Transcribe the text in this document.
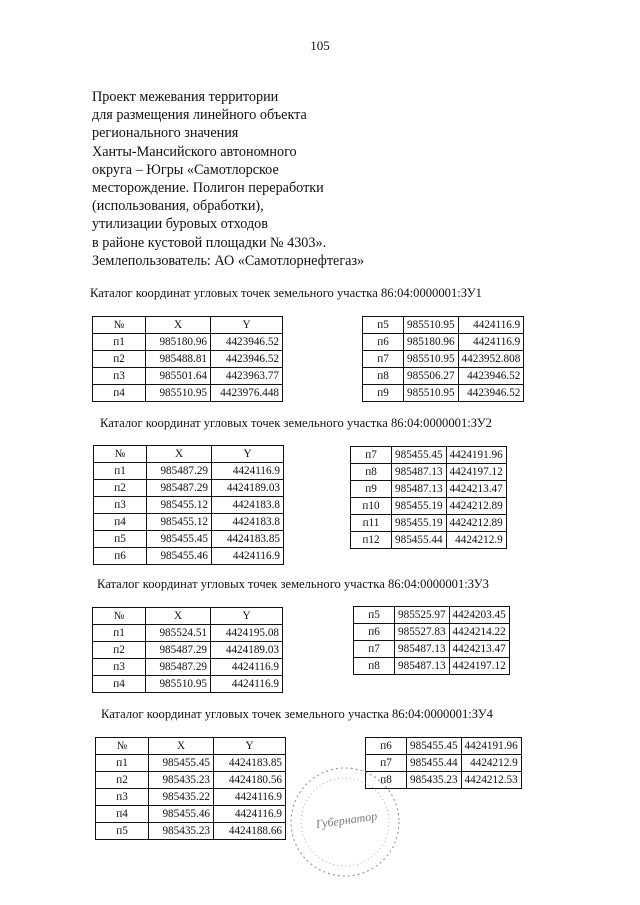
105
Проект межевания территории
для размещения линейного объекта
регионального значения
Ханты-Мансийского автономного
округа – Югры «Самотлорское
месторождение. Полигон переработки
(использования, обработки),
утилизации буровых отходов
в районе кустовой площадки № 4303».
Землепользователь: АО «Самотлорнефтегаз»
Каталог координат угловых точек земельного участка 86:04:0000001:ЗУ1
№	X	Y
п1	985180.96	4423946.52
п2	985488.81	4423946.52
п3	985501.64	4423963.77
п4	985510.95	4423976.448
п5	985510.95	4424116.9
п6	985180.96	4424116.9
п7	985510.95	4423952.808
п8	985506.27	4423946.52
п9	985510.95	4423946.52
Каталог координат угловых точек земельного участка 86:04:0000001:ЗУ2
№	X	Y
п1	985487.29	4424116.9
п2	985487.29	4424189.03
п3	985455.12	4424183.8
п4	985455.12	4424183.8
п5	985455.45	4424183.85
п6	985455.46	4424116.9
п7	985455.45	4424191.96
п8	985487.13	4424197.12
п9	985487.13	4424213.47
п10	985455.19	4424212.89
п11	985455.19	4424212.89
п12	985455.44	4424212.9
Каталог координат угловых точек земельного участка 86:04:0000001:ЗУ3
№	X	Y
п1	985524.51	4424195.08
п2	985487.29	4424189.03
п3	985487.29	4424116.9
п4	985510.95	4424116.9
п5	985525.97	4424203.45
п6	985527.83	4424214.22
п7	985487.13	4424213.47
п8	985487.13	4424197.12
Каталог координат угловых точек земельного участка 86:04:0000001:ЗУ4
№	X	Y
п1	985455.45	4424183.85
п2	985435.23	4424180.56
п3	985435.22	4424116.9
п4	985455.46	4424116.9
п5	985435.23	4424188.66
п6	985455.45	4424191.96
п7	985455.44	4424212.9
п8	985435.23	4424212.53
Губернатор
